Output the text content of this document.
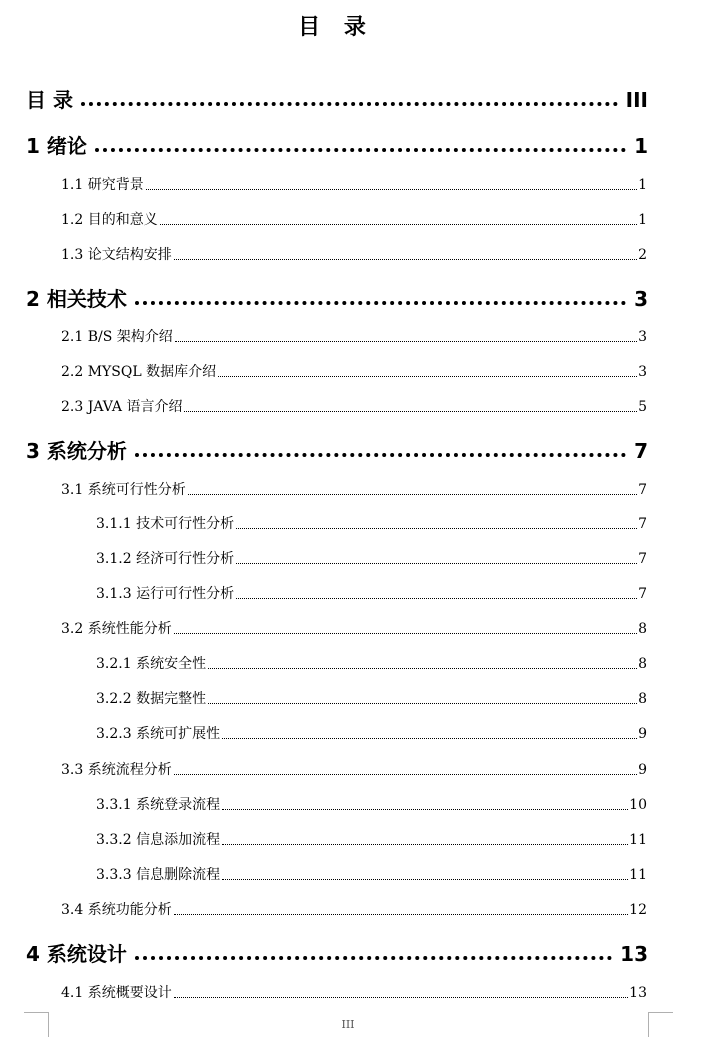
目 录
目 录	III
1 绪论	1
1.1 研究背景	1
1.2 目的和意义	1
1.3 论文结构安排	2
2 相关技术	3
2.1 B/S 架构介绍	3
2.2 MYSQL 数据库介绍	3
2.3 JAVA 语言介绍	5
3 系统分析	7
3.1 系统可行性分析	7
3.1.1 技术可行性分析	7
3.1.2 经济可行性分析	7
3.1.3 运行可行性分析	7
3.2 系统性能分析	8
3.2.1 系统安全性	8
3.2.2 数据完整性	8
3.2.3 系统可扩展性	9
3.3 系统流程分析	9
3.3.1 系统登录流程	10
3.3.2 信息添加流程	11
3.3.3 信息删除流程	11
3.4 系统功能分析	12
4 系统设计	13
4.1 系统概要设计	13
III
